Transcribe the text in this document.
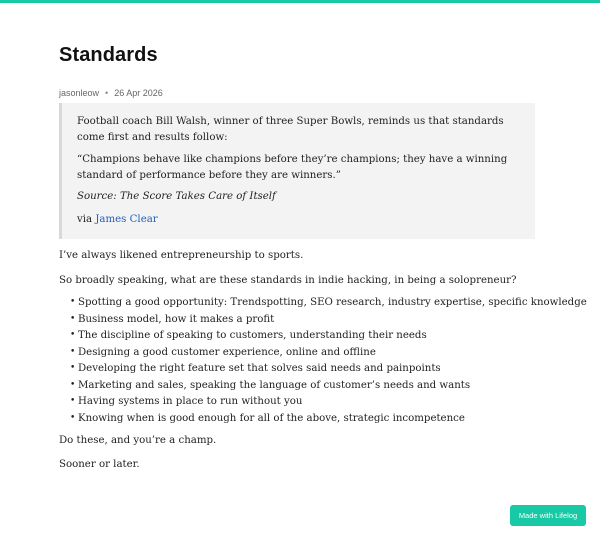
Standards
jasonleow • 26 Apr 2026

Football coach Bill Walsh, winner of three Super Bowls, reminds us that standards come first and results follow:

“Champions behave like champions before they’re champions; they have a winning standard of performance before they are winners.”

Source: The Score Takes Care of Itself

via James Clear

I’ve always likened entrepreneurship to sports.

So broadly speaking, what are these standards in indie hacking, in being a solopreneur?

• Spotting a good opportunity: Trendspotting, SEO research, industry expertise, specific knowledge
• Business model, how it makes a profit
• The discipline of speaking to customers, understanding their needs
• Designing a good customer experience, online and offline
• Developing the right feature set that solves said needs and painpoints
• Marketing and sales, speaking the language of customer’s needs and wants
• Having systems in place to run without you
• Knowing when is good enough for all of the above, strategic incompetence

Do these, and you’re a champ.

Sooner or later.

Made with Lifelog
